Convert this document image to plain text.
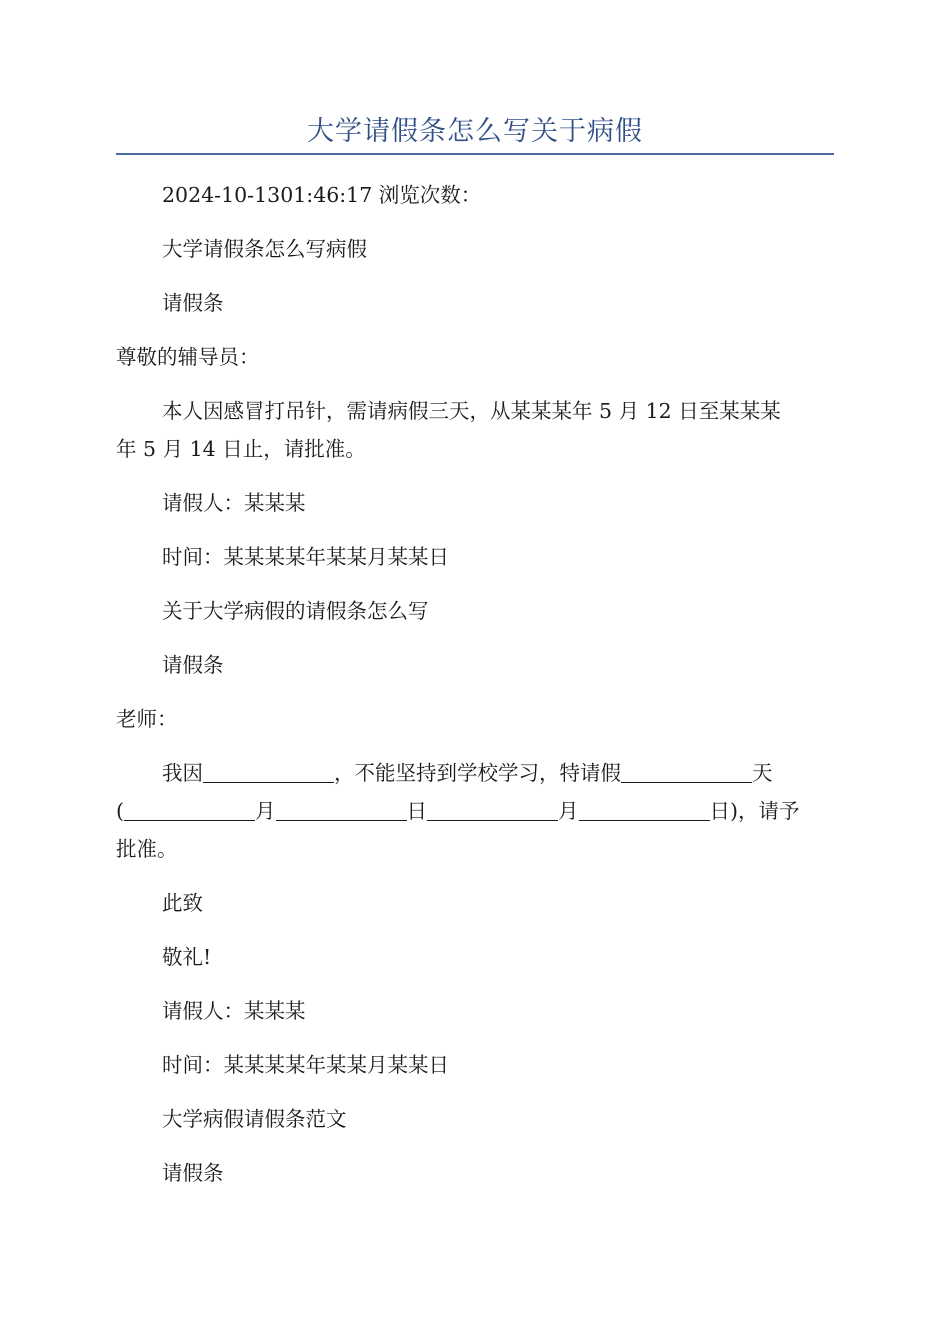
大学请假条怎么写关于病假
2024-10-1301:46:17 浏览次数：
大学请假条怎么写病假
请假条
尊敬的辅导员：
本人因感冒打吊针，需请病假三天，从某某某年 5 月 12 日至某某某
年 5 月 14 日止，请批准。
请假人：某某某
时间：某某某某年某某月某某日
关于大学病假的请假条怎么写
请假条
老师：
我因	，不能坚持到学校学习，特请假	天
(	月	日	月	日)，请予
批准。
此致
敬礼!
请假人：某某某
时间：某某某某年某某月某某日
大学病假请假条范文
请假条
